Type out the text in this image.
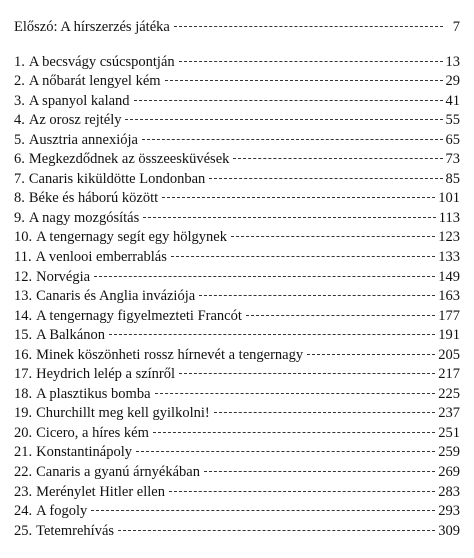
Előszó: A hírszerzés játéka	7
1. A becsvágy csúcspontján	13
2. A nőbarát lengyel kém	29
3. A spanyol kaland	41
4. Az orosz rejtély	55
5. Ausztria annexiója	65
6. Megkezdődnek az összeesküvések	73
7. Canaris kiküldötte Londonban	85
8. Béke és háború között	101
9. A nagy mozgósítás	113
10. A tengernagy segít egy hölgynek	123
11. A venlooi emberrablás	133
12. Norvégia	149
13. Canaris és Anglia inváziója	163
14. A tengernagy figyelmezteti Francót	177
15. A Balkánon	191
16. Minek köszönheti rossz hírnevét a tengernagy	205
17. Heydrich lelép a színről	217
18. A plasztikus bomba	225
19. Churchillt meg kell gyilkolni!	237
20. Cicero, a híres kém	251
21. Konstantinápoly	259
22. Canaris a gyanú árnyékában	269
23. Merénylet Hitler ellen	283
24. A fogoly	293
25. Tetemrehívás	309
